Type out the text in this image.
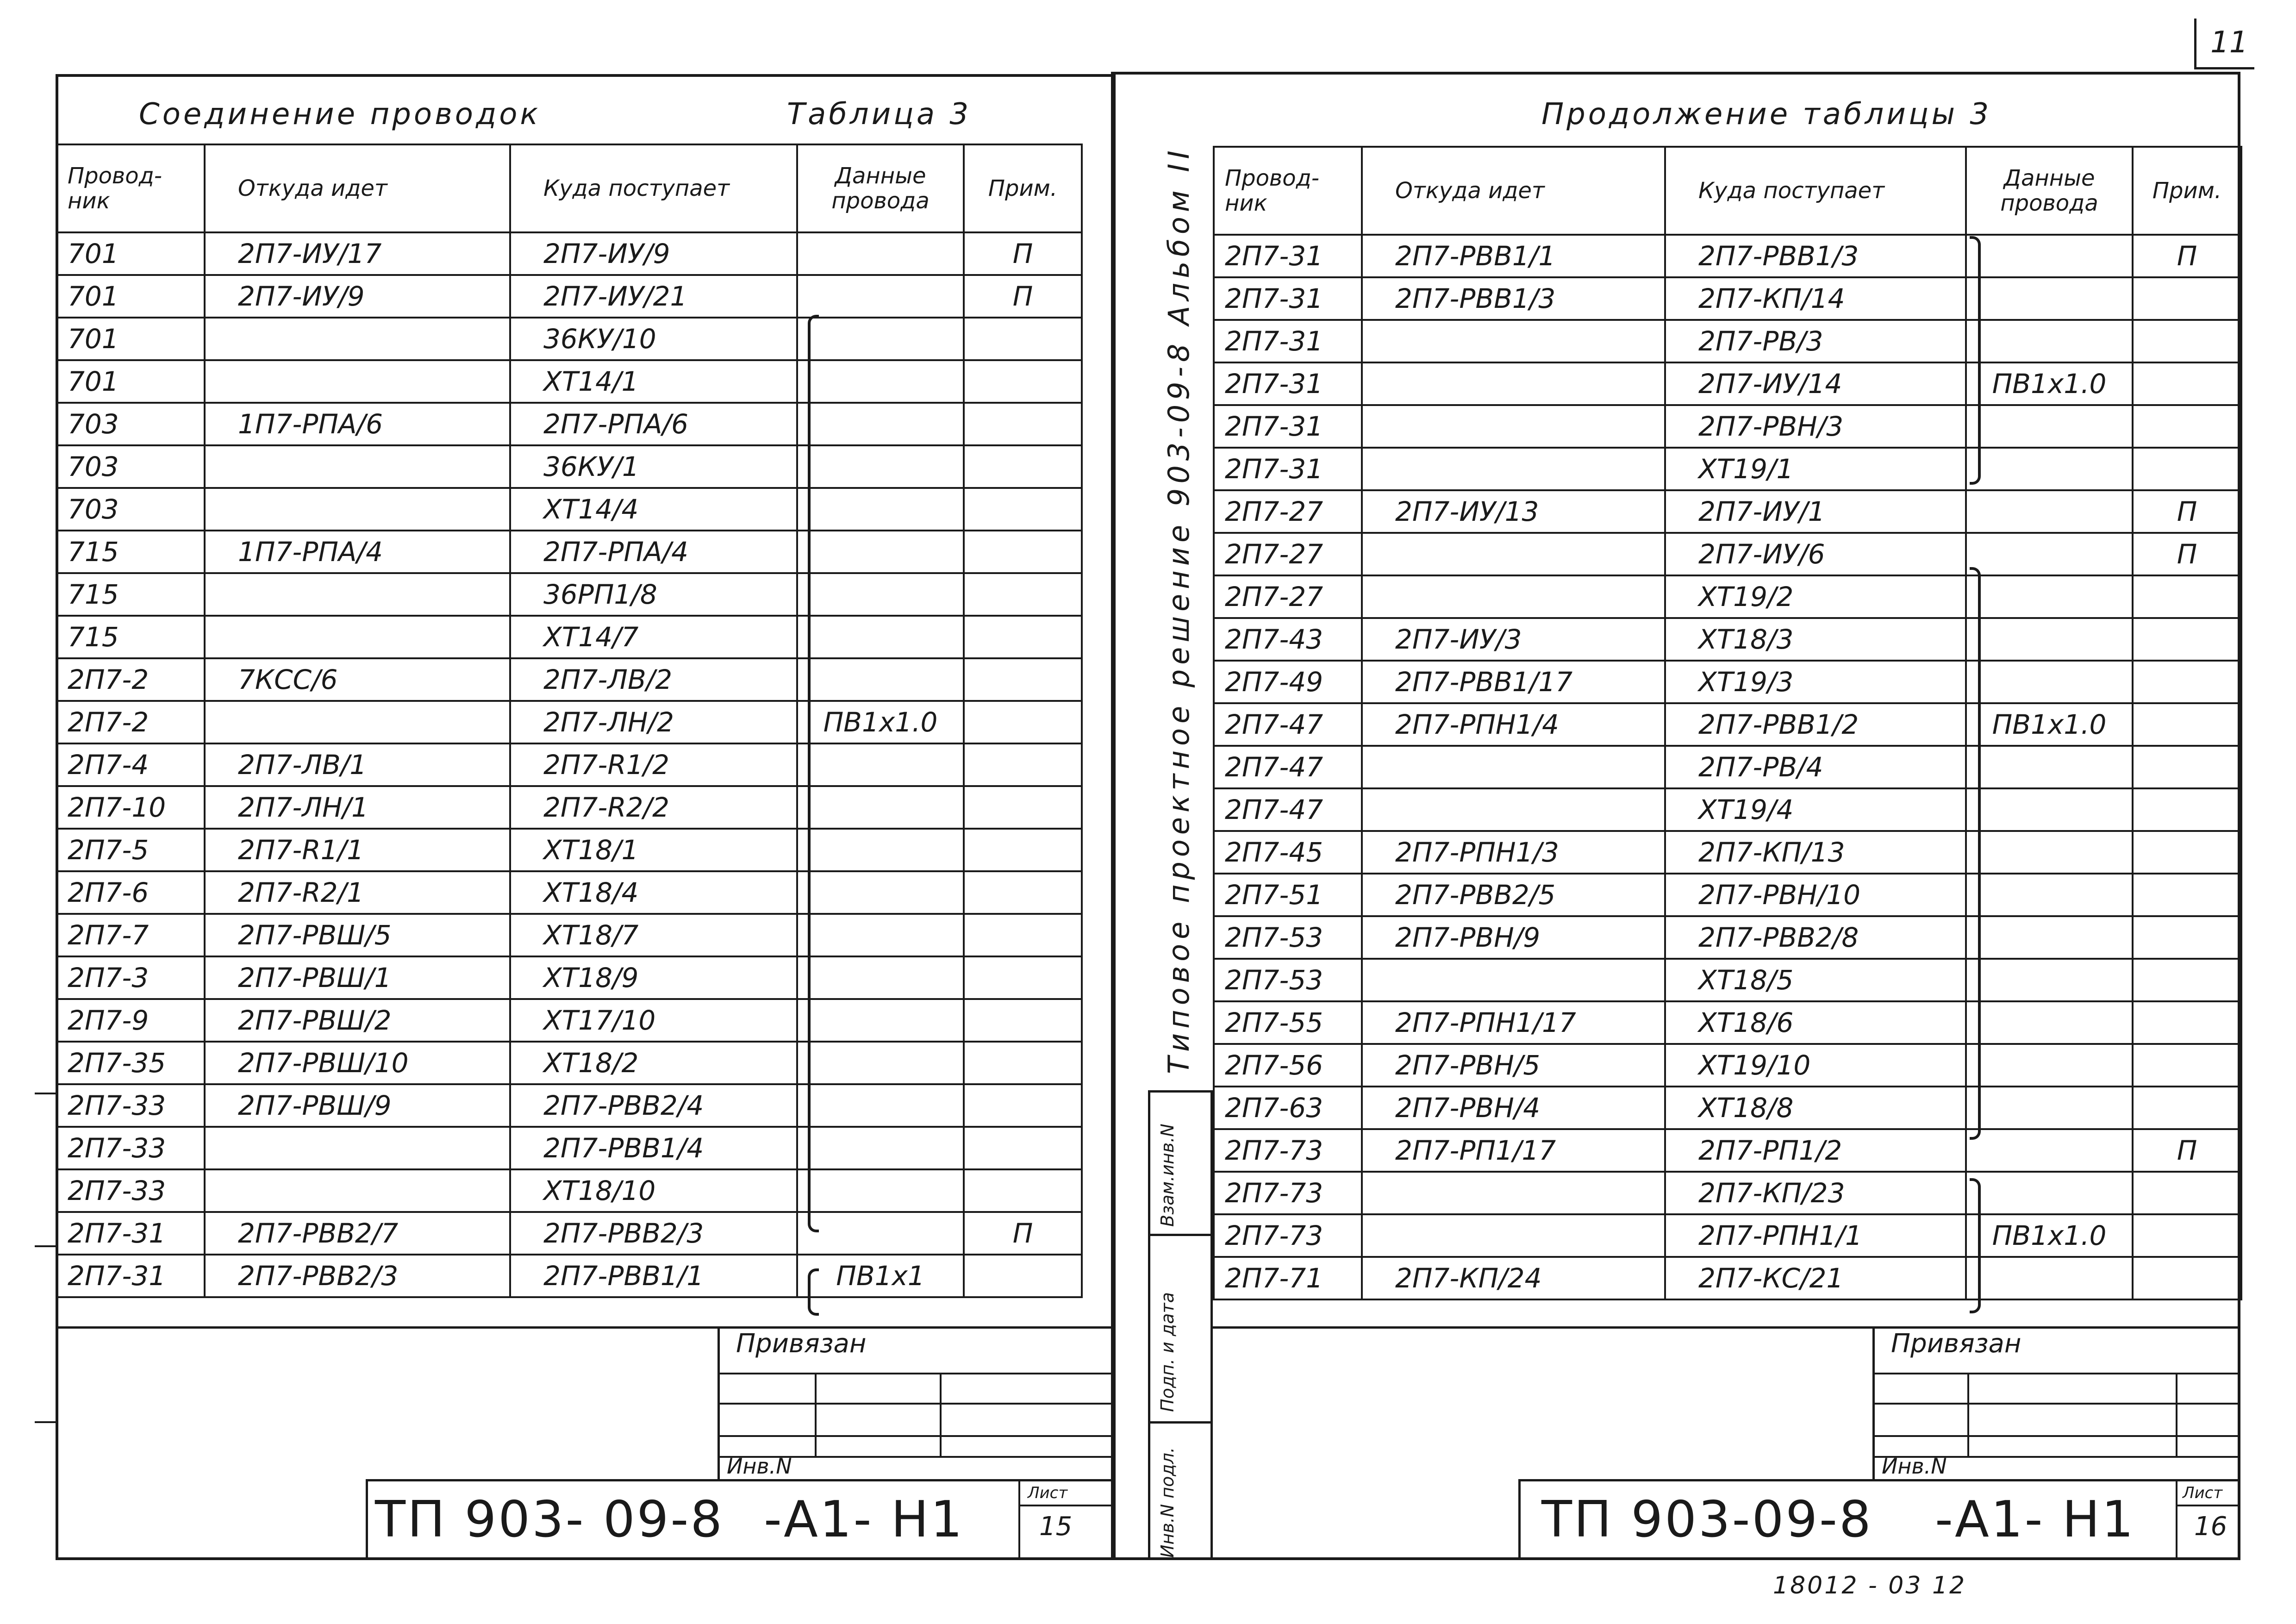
11
Соединение проводок	Таблица 3
Провод-ник	Откуда идет	Куда поступает	Данные провода	Прим.
701	2П7-ИУ/17	2П7-ИУ/9		П
701	2П7-ИУ/9	2П7-ИУ/21		П
701		36КУ/10		
701		XT14/1		
703	1П7-РПА/6	2П7-РПА/6		
703		36КУ/1		
703		XT14/4		
715	1П7-РПА/4	2П7-РПА/4		
715		36РП1/8		
715		XT14/7		
2П7-2	7КСС/6	2П7-ЛВ/2		
2П7-2		2П7-ЛН/2	ПВ1х1.0	
2П7-4	2П7-ЛВ/1	2П7-R1/2		
2П7-10	2П7-ЛН/1	2П7-R2/2		
2П7-5	2П7-R1/1	XT18/1		
2П7-6	2П7-R2/1	XT18/4		
2П7-7	2П7-РВШ/5	XT18/7		
2П7-3	2П7-РВШ/1	XT18/9		
2П7-9	2П7-РВШ/2	XT17/10		
2П7-35	2П7-РВШ/10	XT18/2		
2П7-33	2П7-РВШ/9	2П7-РВВ2/4		
2П7-33		2П7-РВВ1/4		
2П7-33		XT18/10		
2П7-31	2П7-РВВ2/7	2П7-РВВ2/3		П
2П7-31	2П7-РВВ2/3	2П7-РВВ1/1	ПВ1х1	
Привязан
Инв.N
ТП 903- 09-8 -А1- Н1	Лист
15
Типовое проектное решение 903-09-8 Альбом II
Взам.инв.N
Подп. и дата
Инв.N подл.
Продолжение таблицы 3
Провод-ник	Откуда идет	Куда поступает	Данные провода	Прим.
2П7-31	2П7-РВВ1/1	2П7-РВВ1/3		П
2П7-31	2П7-РВВ1/3	2П7-КП/14		
2П7-31		2П7-РВ/3		
2П7-31		2П7-ИУ/14	ПВ1х1.0	
2П7-31		2П7-РВН/3		
2П7-31		XT19/1		
2П7-27	2П7-ИУ/13	2П7-ИУ/1		П
2П7-27		2П7-ИУ/6		П
2П7-27		XT19/2		
2П7-43	2П7-ИУ/3	XT18/3		
2П7-49	2П7-РВВ1/17	XT19/3		
2П7-47	2П7-РПН1/4	2П7-РВВ1/2	ПВ1х1.0	
2П7-47		2П7-РВ/4		
2П7-47		XT19/4		
2П7-45	2П7-РПН1/3	2П7-КП/13		
2П7-51	2П7-РВВ2/5	2П7-РВН/10		
2П7-53	2П7-РВН/9	2П7-РВВ2/8		
2П7-53		XT18/5		
2П7-55	2П7-РПН1/17	XT18/6		
2П7-56	2П7-РВН/5	XT19/10		
2П7-63	2П7-РВН/4	XT18/8		
2П7-73	2П7-РП1/17	2П7-РП1/2		П
2П7-73		2П7-КП/23		
2П7-73		2П7-РПН1/1	ПВ1х1.0	
2П7-71	2П7-КП/24	2П7-КС/21		
Привязан
Инв.N
ТП 903-09-8 -А1- Н1	Лист
16
18012 - 03 12
